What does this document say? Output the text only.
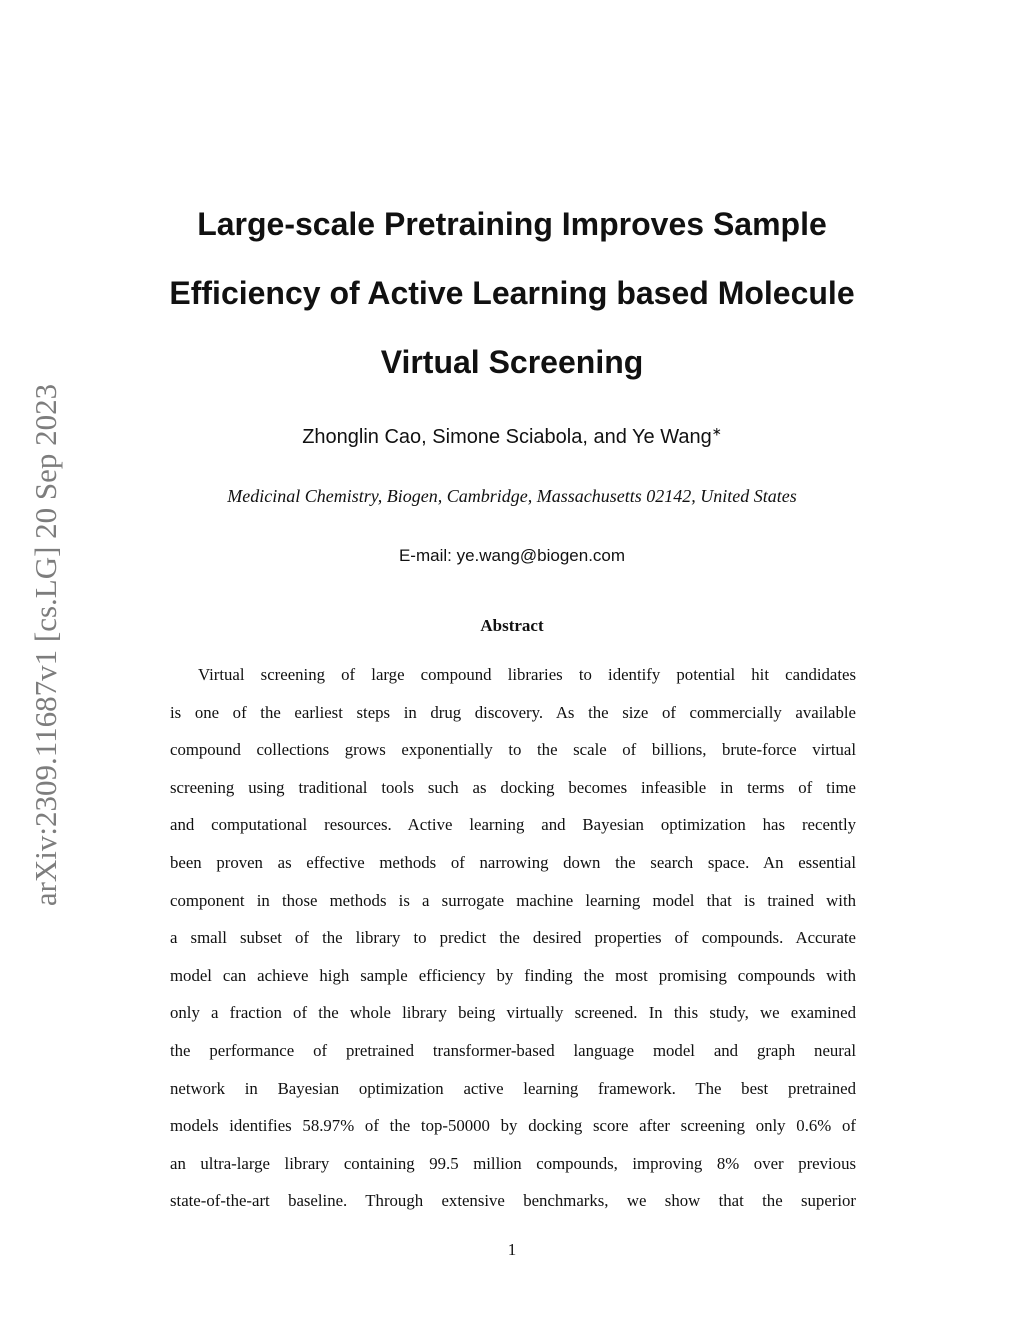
arXiv:2309.11687v1 [cs.LG] 20 Sep 2023
Large-scale Pretraining Improves Sample
Efficiency of Active Learning based Molecule
Virtual Screening
Zhonglin Cao, Simone Sciabola, and Ye Wang∗
Medicinal Chemistry, Biogen, Cambridge, Massachusetts 02142, United States
E-mail: ye.wang@biogen.com
Abstract
Virtual screening of large compound libraries to identify potential hit candidates
is one of the earliest steps in drug discovery. As the size of commercially available
compound collections grows exponentially to the scale of billions, brute-force virtual
screening using traditional tools such as docking becomes infeasible in terms of time
and computational resources. Active learning and Bayesian optimization has recently
been proven as effective methods of narrowing down the search space. An essential
component in those methods is a surrogate machine learning model that is trained with
a small subset of the library to predict the desired properties of compounds. Accurate
model can achieve high sample efficiency by finding the most promising compounds with
only a fraction of the whole library being virtually screened. In this study, we examined
the performance of pretrained transformer-based language model and graph neural
network in Bayesian optimization active learning framework. The best pretrained
models identifies 58.97% of the top-50000 by docking score after screening only 0.6% of
an ultra-large library containing 99.5 million compounds, improving 8% over previous
state-of-the-art baseline. Through extensive benchmarks, we show that the superior
1
